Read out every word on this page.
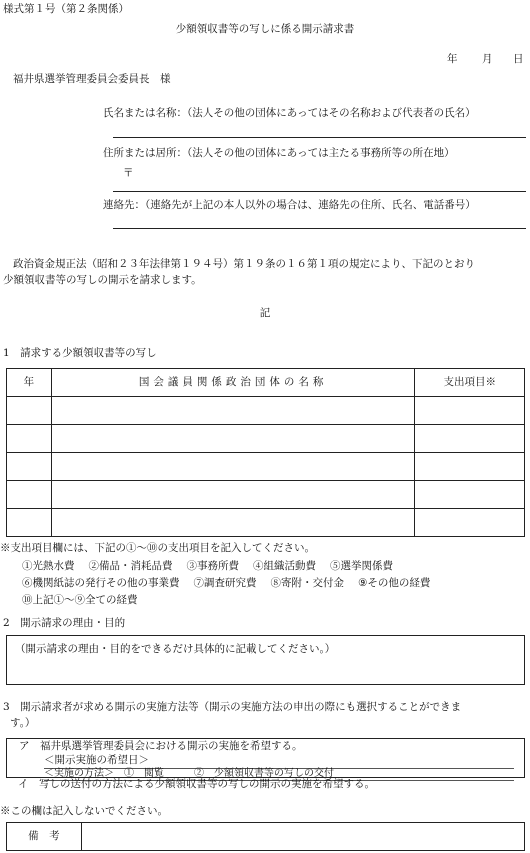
様式第１号（第２条関係）
少額領収書等の写しに係る開示請求書
年 月 日
福井県選挙管理委員会委員長　様
氏名または名称：（法人その他の団体にあってはその名称および代表者の氏名）
住所または居所：（法人その他の団体にあっては主たる事務所等の所在地）
〒
連絡先：（連絡先が上記の本人以外の場合は、連絡先の住所、氏名、電話番号）
政治資金規正法（昭和２３年法律第１９４号）第１９条の１６第１項の規定により、下記のとおり
少額領収書等の写しの開示を請求します。
記
1　請求する少額領収書等の写し
年	国会議員関係政治団体の名称	支出項目※

※支出項目欄には、下記の①～⑩の支出項目を記入してください。
①光熱水費 ②備品・消耗品費 ③事務所費 ④組織活動費 ⑤選挙関係費
⑥機関紙誌の発行その他の事業費 ⑦調査研究費 ⑧寄附・交付金 ⑨その他の経費
⑩上記①～⑨全ての経費
2　開示請求の理由・目的
（開示請求の理由・目的をできるだけ具体的に記載してください。）
3　開示請求者が求める開示の実施方法等（開示の実施方法の申出の際にも選択することができま
す。）
ア　福井県選挙管理委員会における開示の実施を希望する。
＜開示実施の希望日＞
＜実施の方法＞　①　閲覧　　　②　少額領収書等の写しの交付
イ　写しの送付の方法による少額領収書等の写しの開示の実施を希望する。
※この欄は記入しないでください。
備　考	
